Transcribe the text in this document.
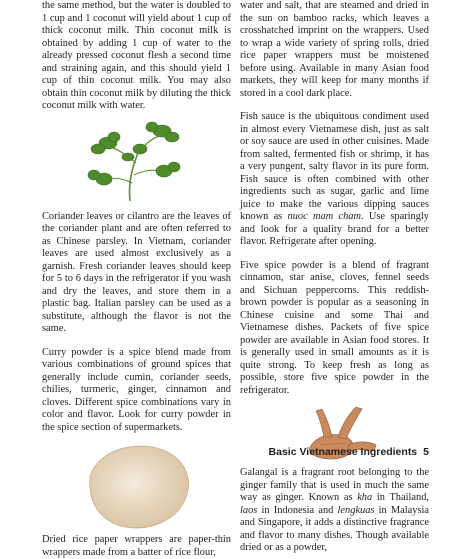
the same method, but the water is doubled to 1 cup and 1 coconut will yield about 1 cup of thick coconut milk. Thin coconut milk is obtained by adding 1 cup of water to the already pressed coconut flesh a second time and straining again, and this should yield 1 cup of thin coconut milk. You may also obtain thin coconut milk by diluting the thick coconut milk with water.

Coriander leaves or cilantro are the leaves of the coriander plant and are often referred to as Chinese parsley. In Vietnam, coriander leaves are used almost exclusively as a garnish. Fresh coriander leaves should keep for 5 to 6 days in the refrigerator if you wash and dry the leaves, and store them in a plastic bag. Italian parsley can be used as a substitute, although the flavor is not the same.

Curry powder is a spice blend made from various combinations of ground spices that generally include cumin, coriander seeds, chilies, turmeric, ginger, cinnamon and cloves. Different spice combinations vary in color and flavor. Look for curry powder in the spice section of supermarkets.

Dried rice paper wrappers are paper-thin wrappers made from a batter of rice flour,

water and salt, that are steamed and dried in the sun on bamboo racks, which leaves a crosshatched imprint on the wrappers. Used to wrap a wide variety of spring rolls, dried rice paper wrappers must be moistened before using. Available in many Asian food markets, they will keep for many months if stored in a cool dark place.

Fish sauce is the ubiquitous condiment used in almost every Vietnamese dish, just as salt or soy sauce are used in other cuisines. Made from salted, fermented fish or shrimp, it has a very pungent, salty flavor in its pure form. Fish sauce is often combined with other ingredients such as sugar, garlic and lime juice to make the various dipping sauces known as nuoc mam cham. Use sparingly and look for a quality brand for a better flavor. Refrigerate after opening.

Five spice powder is a blend of fragrant cinnamon, star anise, cloves, fennel seeds and Sichuan peppercorns. This reddish-brown powder is popular as a seasoning in Chinese cuisine and some Thai and Vietnamese dishes. Packets of five spice powder are available in Asian food stores. It is generally used in small amounts as it is quite strong. To keep fresh as long as possible, store five spice powder in the refrigerator.

Galangal is a fragrant root belonging to the ginger family that is used in much the same way as ginger. Known as kha in Thailand, laos in Indonesia and lengkuas in Malaysia and Singapore, it adds a distinctive fragrance and flavor to many dishes. Though available dried or as a powder,

Basic Vietnamese Ingredients 5
